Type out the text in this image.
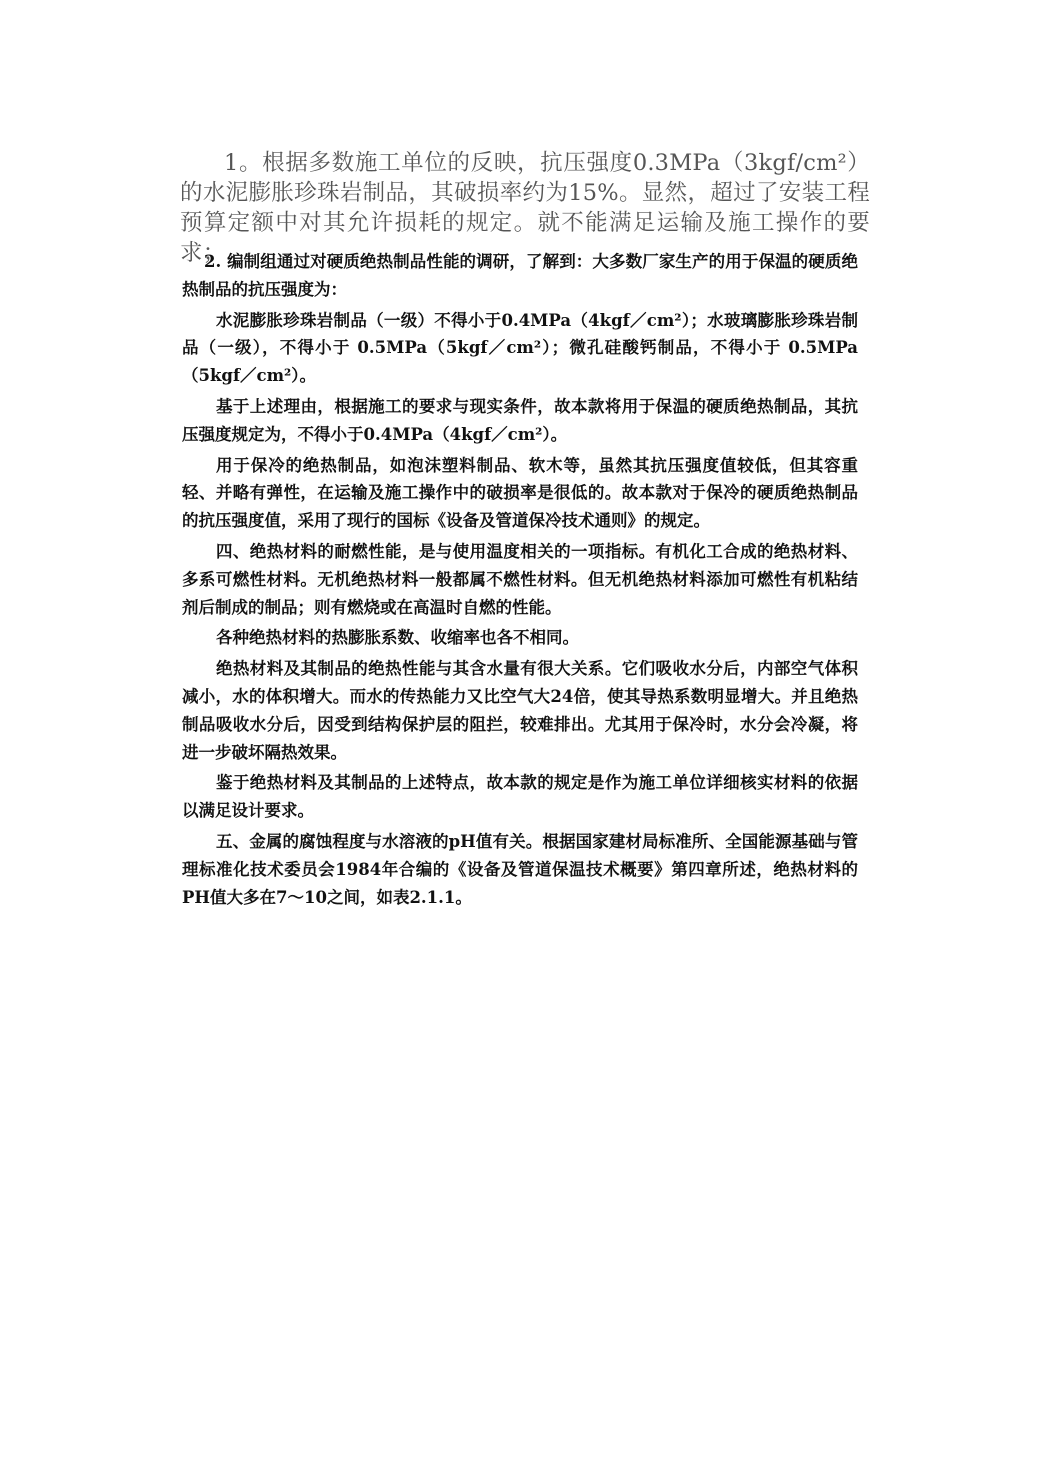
1。根据多数施工单位的反映，抗压强度0.3MPa（3kgf/cm²）的水泥膨胀珍珠岩制品，其破损率约为15%。显然，超过了安装工程预算定额中对其允许损耗的规定。就不能满足运输及施工操作的要求；

2. 编制组通过对硬质绝热制品性能的调研，了解到：大多数厂家生产的用于保温的硬质绝热制品的抗压强度为：

水泥膨胀珍珠岩制品（一级）不得小于0.4MPa（4kgf／cm²）；水玻璃膨胀珍珠岩制品（一级），不得小于 0.5MPa（5kgf／cm²）；微孔硅酸钙制品，不得小于 0.5MPa（5kgf／cm²）。

基于上述理由，根据施工的要求与现实条件，故本款将用于保温的硬质绝热制品，其抗压强度规定为，不得小于0.4MPa（4kgf／cm²）。

用于保冷的绝热制品，如泡沫塑料制品、软木等，虽然其抗压强度值较低，但其容重轻、并略有弹性，在运输及施工操作中的破损率是很低的。故本款对于保冷的硬质绝热制品的抗压强度值，采用了现行的国标《设备及管道保冷技术通则》的规定。

四、绝热材料的耐燃性能，是与使用温度相关的一项指标。有机化工合成的绝热材料、多系可燃性材料。无机绝热材料一般都属不燃性材料。但无机绝热材料添加可燃性有机粘结剂后制成的制品；则有燃烧或在高温时自燃的性能。

各种绝热材料的热膨胀系数、收缩率也各不相同。

绝热材料及其制品的绝热性能与其含水量有很大关系。它们吸收水分后，内部空气体积减小，水的体积增大。而水的传热能力又比空气大24倍，使其导热系数明显增大。并且绝热制品吸收水分后，因受到结构保护层的阻拦，较难排出。尤其用于保冷时，水分会冷凝，将进一步破坏隔热效果。

鉴于绝热材料及其制品的上述特点，故本款的规定是作为施工单位详细核实材料的依据以满足设计要求。

五、金属的腐蚀程度与水溶液的pH值有关。根据国家建材局标准所、全国能源基础与管理标准化技术委员会1984年合编的《设备及管道保温技术概要》第四章所述，绝热材料的PH值大多在7～10之间，如表2.1.1。
